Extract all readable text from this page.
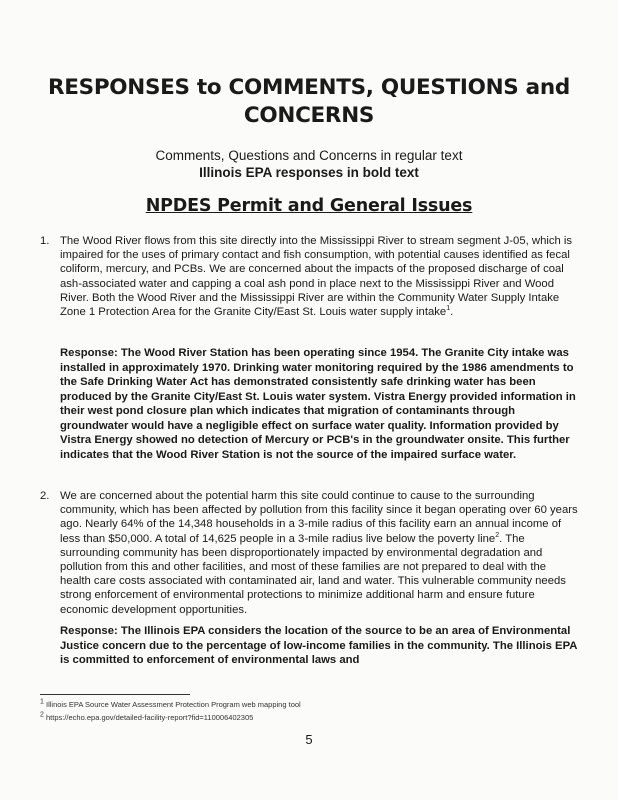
RESPONSES to COMMENTS, QUESTIONS and CONCERNS
Comments, Questions and Concerns in regular text
Illinois EPA responses in bold text
NPDES Permit and General Issues
1. The Wood River flows from this site directly into the Mississippi River to stream segment J-05, which is impaired for the uses of primary contact and fish consumption, with potential causes identified as fecal coliform, mercury, and PCBs. We are concerned about the impacts of the proposed discharge of coal ash-associated water and capping a coal ash pond in place next to the Mississippi River and Wood River. Both the Wood River and the Mississippi River are within the Community Water Supply Intake Zone 1 Protection Area for the Granite City/East St. Louis water supply intake$^1$.
Response: The Wood River Station has been operating since 1954. The Granite City intake was installed in approximately 1970. Drinking water monitoring required by the 1986 amendments to the Safe Drinking Water Act has demonstrated consistently safe drinking water has been produced by the Granite City/East St. Louis water system. Vistra Energy provided information in their west pond closure plan which indicates that migration of contaminants through groundwater would have a negligible effect on surface water quality. Information provided by Vistra Energy showed no detection of Mercury or PCB's in the groundwater onsite. This further indicates that the Wood River Station is not the source of the impaired surface water.
2. We are concerned about the potential harm this site could continue to cause to the surrounding community, which has been affected by pollution from this facility since it began operating over 60 years ago. Nearly 64% of the 14,348 households in a 3-mile radius of this facility earn an annual income of less than $50,000. A total of 14,625 people in a 3-mile radius live below the poverty line$^2$. The surrounding community has been disproportionately impacted by environmental degradation and pollution from this and other facilities, and most of these families are not prepared to deal with the health care costs associated with contaminated air, land and water. This vulnerable community needs strong enforcement of environmental protections to minimize additional harm and ensure future economic development opportunities.
Response: The Illinois EPA considers the location of the source to be an area of Environmental Justice concern due to the percentage of low-income families in the community. The Illinois EPA is committed to enforcement of environmental laws and
$^1$ Illinois EPA Source Water Assessment Protection Program web mapping tool
$^2$ https://echo.epa.gov/detailed-facility-report?fid=110006402305
5
